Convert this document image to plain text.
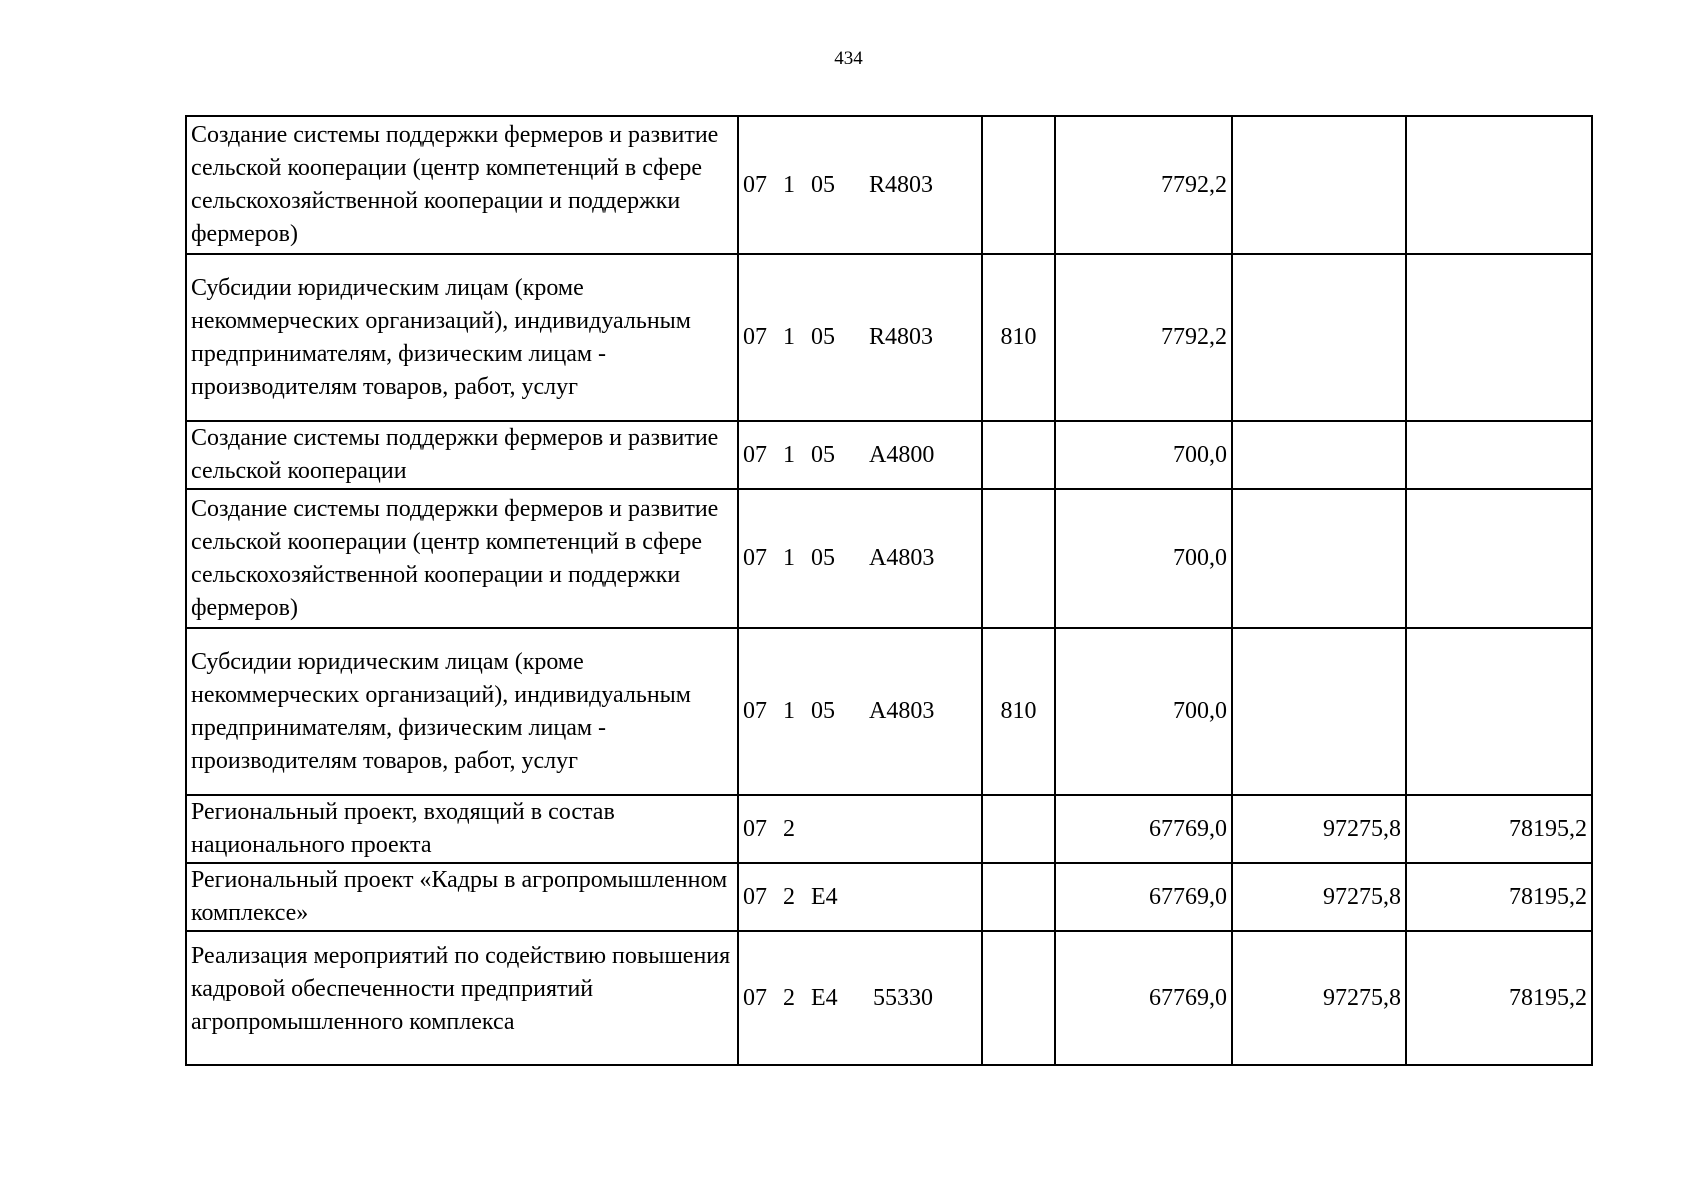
434
Создание системы поддержки фермеров и развитие сельской кооперации (центр компетенций в сфере сельскохозяйственной кооперации и поддержки фермеров)	07 1 05 R4803		7792,2		
Субсидии юридическим лицам (кроме некоммерческих организаций), индивидуальным предпринимателям, физическим лицам - производителям товаров, работ, услуг	07 1 05 R4803	810	7792,2		
Создание системы поддержки фермеров и развитие сельской кооперации	07 1 05 A4800		700,0		
Создание системы поддержки фермеров и развитие сельской кооперации (центр компетенций в сфере сельскохозяйственной кооперации и поддержки фермеров)	07 1 05 A4803		700,0		
Субсидии юридическим лицам (кроме некоммерческих организаций), индивидуальным предпринимателям, физическим лицам - производителям товаров, работ, услуг	07 1 05 A4803	810	700,0		
Региональный проект, входящий в состав национального проекта	07 2		67769,0	97275,8	78195,2
Региональный проект «Кадры в агропромышленном комплексе»	07 2 E4		67769,0	97275,8	78195,2
Реализация мероприятий по содействию повышения кадровой обеспеченности предприятий агропромышленного комплекса	07 2 E4 55330		67769,0	97275,8	78195,2
